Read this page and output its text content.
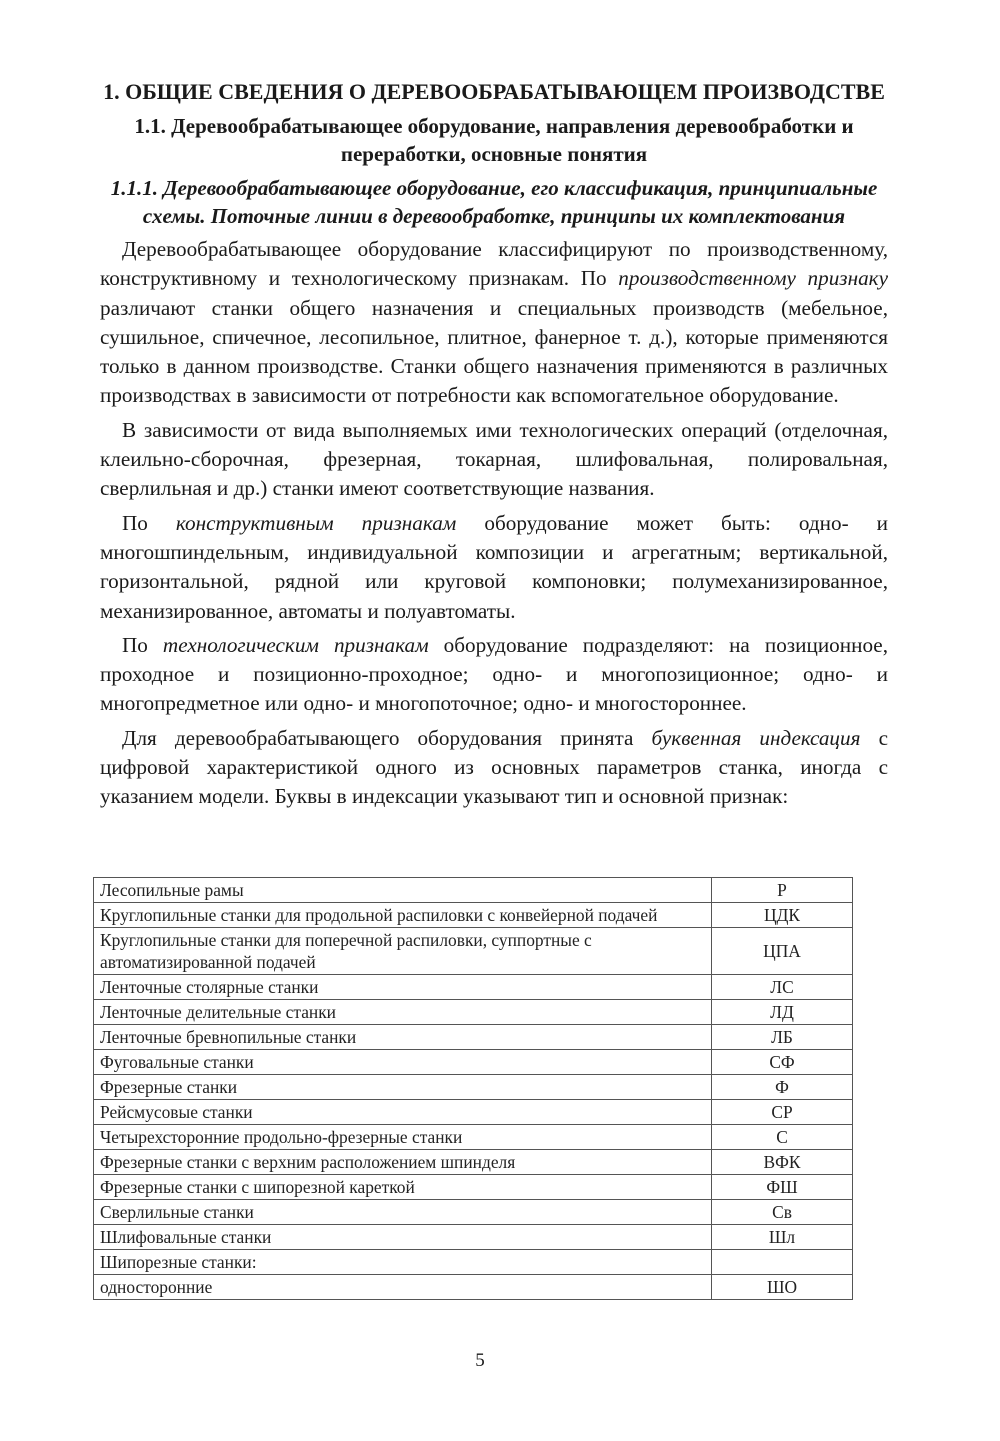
1. ОБЩИЕ СВЕДЕНИЯ О ДЕРЕВООБРАБАТЫВАЮЩЕМ ПРОИЗВОДСТВЕ
1.1. Деревообрабатывающее оборудование, направления деревообработки и переработки, основные понятия
1.1.1. Деревообрабатывающее оборудование, его классификация, принципиальные схемы. Поточные линии в деревообработке, принципы их комплектования

Деревообрабатывающее оборудование классифицируют по производственному, конструктивному и технологическому признакам. По производственному признаку различают станки общего назначения и специальных производств (мебельное, сушильное, спичечное, лесопильное, плитное, фанерное т. д.), которые применяются только в данном производстве. Станки общего назначения применяются в различных производствах в зависимости от потребности как вспомогательное оборудование.

В зависимости от вида выполняемых ими технологических операций (отделочная, клеильно-сборочная, фрезерная, токарная, шлифовальная, полировальная, сверлильная и др.) станки имеют соответствующие названия.

По конструктивным признакам оборудование может быть: одно- и многошпиндельным, индивидуальной композиции и агрегатным; вертикальной, горизонтальной, рядной или круговой компоновки; полумеханизированное, механизированное, автоматы и полуавтоматы.

По технологическим признакам оборудование подразделяют: на позиционное, проходное и позиционно-проходное; одно- и многопозиционное; одно- и многопредметное или одно- и многопоточное; одно- и многостороннее.

Для деревообрабатывающего оборудования принята буквенная индексация с цифровой характеристикой одного из основных параметров станка, иногда с указанием модели. Буквы в индексации указывают тип и основной признак:

Лесопильные рамы	Р
Круглопильные станки для продольной распиловки с конвейерной подачей	ЦДК
Круглопильные станки для поперечной распиловки, суппортные с автоматизированной подачей	ЦПА
Ленточные столярные станки	ЛС
Ленточные делительные станки	ЛД
Ленточные бревнопильные станки	ЛБ
Фуговальные станки	СФ
Фрезерные станки	Ф
Рейсмусовые станки	СР
Четырехсторонние продольно-фрезерные станки	С
Фрезерные станки с верхним расположением шпинделя	ВФК
Фрезерные станки с шипорезной кареткой	ФШ
Сверлильные станки	Св
Шлифовальные станки	Шл
Шипорезные станки:	
односторонние	ШО
5
